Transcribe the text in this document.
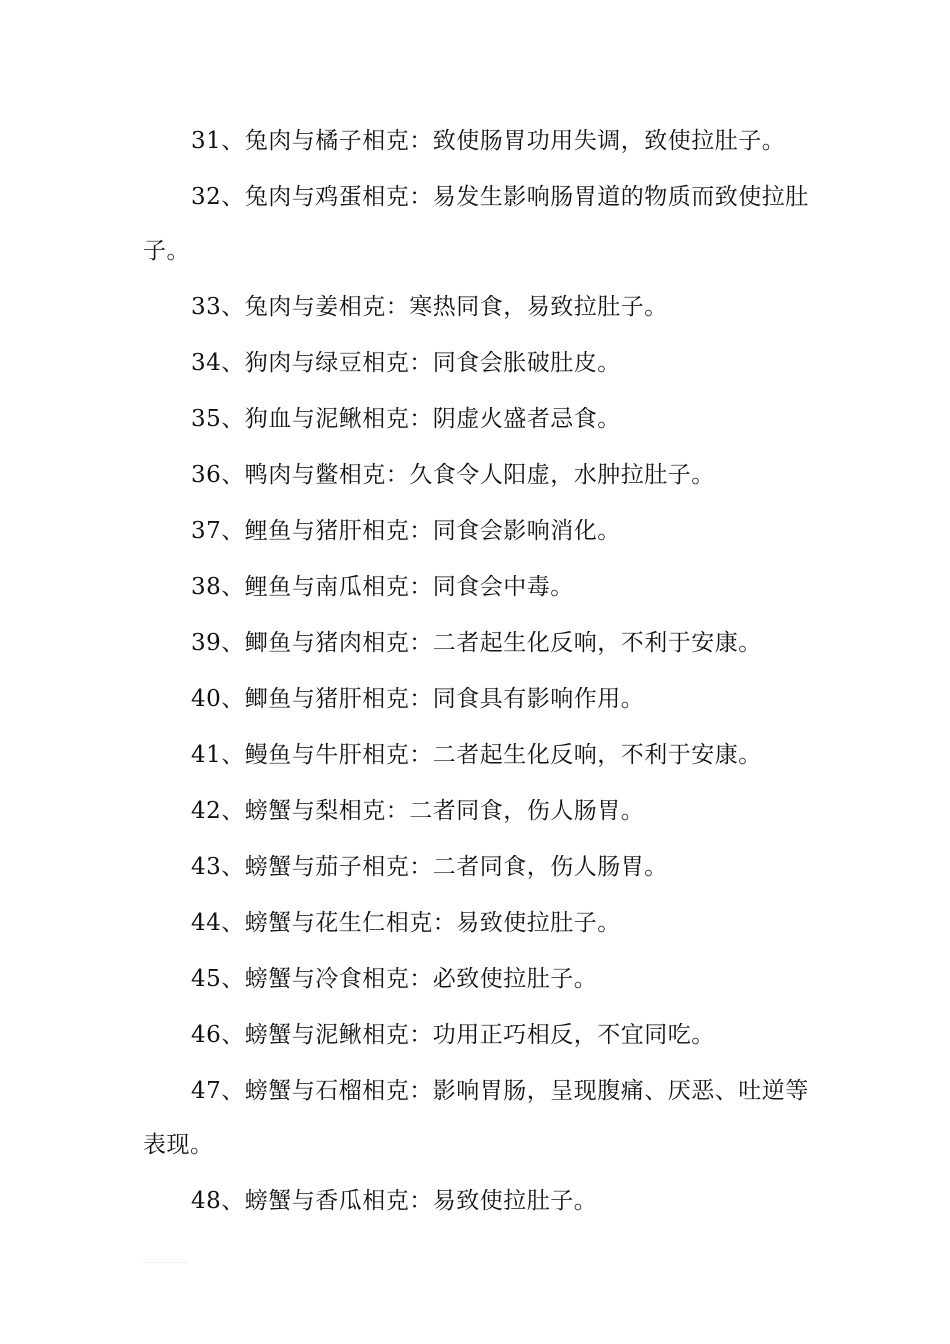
31、兔肉与橘子相克：致使肠胃功用失调，致使拉肚子。

32、兔肉与鸡蛋相克：易发生影响肠胃道的物质而致使拉肚子。

33、兔肉与姜相克：寒热同食，易致拉肚子。

34、狗肉与绿豆相克：同食会胀破肚皮。

35、狗血与泥鳅相克：阴虚火盛者忌食。

36、鸭肉与鳖相克：久食令人阳虚，水肿拉肚子。

37、鲤鱼与猪肝相克：同食会影响消化。

38、鲤鱼与南瓜相克：同食会中毒。

39、鲫鱼与猪肉相克：二者起生化反响，不利于安康。

40、鲫鱼与猪肝相克：同食具有影响作用。

41、鳗鱼与牛肝相克：二者起生化反响，不利于安康。

42、螃蟹与梨相克：二者同食，伤人肠胃。

43、螃蟹与茄子相克：二者同食，伤人肠胃。

44、螃蟹与花生仁相克：易致使拉肚子。

45、螃蟹与冷食相克：必致使拉肚子。

46、螃蟹与泥鳅相克：功用正巧相反，不宜同吃。

47、螃蟹与石榴相克：影响胃肠，呈现腹痛、厌恶、吐逆等表现。

48、螃蟹与香瓜相克：易致使拉肚子。
